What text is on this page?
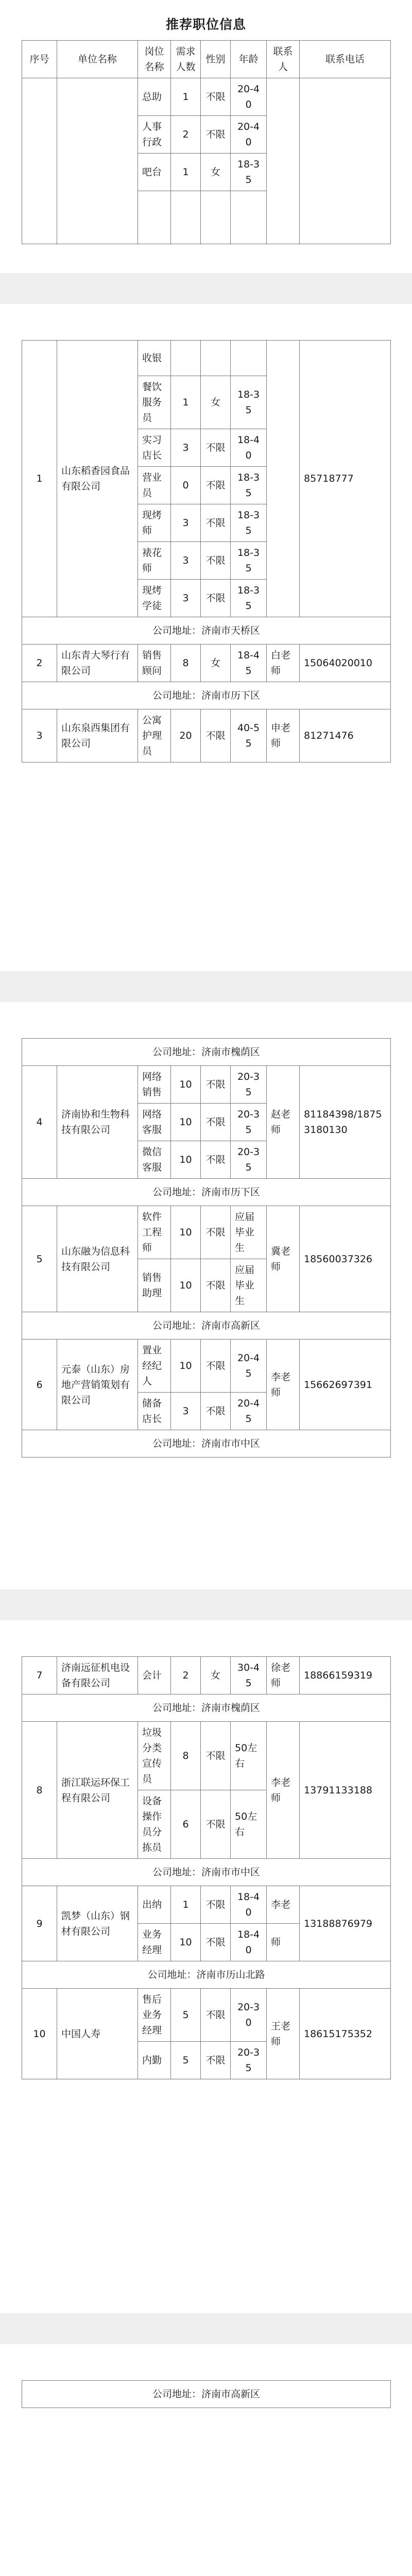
推荐职位信息
序号	单位名称	岗位名称	需求人数	性别	年龄	联系人	联系电话
		总助	1	不限	20-40		
		人事行政	2	不限	20-40		
		吧台	1	女	18-35		

1	山东稻香园食品有限公司	收银					85718777
		餐饮服务员	1	女	18-35		
		实习店长	3	不限	18-40		
		营业员	0	不限	18-35		
		现烤师	3	不限	18-35		
		裱花师	3	不限	18-35		
		现烤学徒	3	不限	18-35		
公司地址：济南市天桥区							
2	山东青大琴行有限公司	销售顾问	8	女	18-45	白老师	15064020010
公司地址：济南市历下区							
3	山东泉西集团有限公司	公寓护理员	20	不限	40-55	申老师	81271476
公司地址：济南市槐荫区							
4	济南协和生物科技有限公司	网络销售	10	不限	20-35	赵老师	81184398/18753180130
		网络客服	10	不限	20-35		
		微信客服	10	不限	20-35		
公司地址：济南市历下区							
5	山东融为信息科技有限公司	软件工程师	10	不限	应届毕业生	冀老师	18560037326
		销售助理	10	不限	应届毕业生		
公司地址：济南市高新区							
6	元泰（山东）房地产营销策划有限公司	置业经纪人	10	不限	20-45	李老师	15662697391
		储备店长	3	不限	20-45		
公司地址：济南市市中区							
7	济南远征机电设备有限公司	会计	2	女	30-45	徐老师	18866159319
公司地址：济南市槐荫区							
8	浙江联运环保工程有限公司	垃圾分类宣传员	8	不限	50左右	李老师	13791133188
		设备操作员分拣员	6	不限	50左右		
公司地址：济南市市中区							
9	凯梦（山东）钢材有限公司	出纳	1	不限	18-40	李老	13188876979
		业务经理	10	不限	18-40	师	
公司地址：济南市历山北路							
10	中国人寿	售后业务经理	5	不限	20-30	王老师	18615175352
		内勤	5	不限	20-35		
公司地址：济南市高新区
